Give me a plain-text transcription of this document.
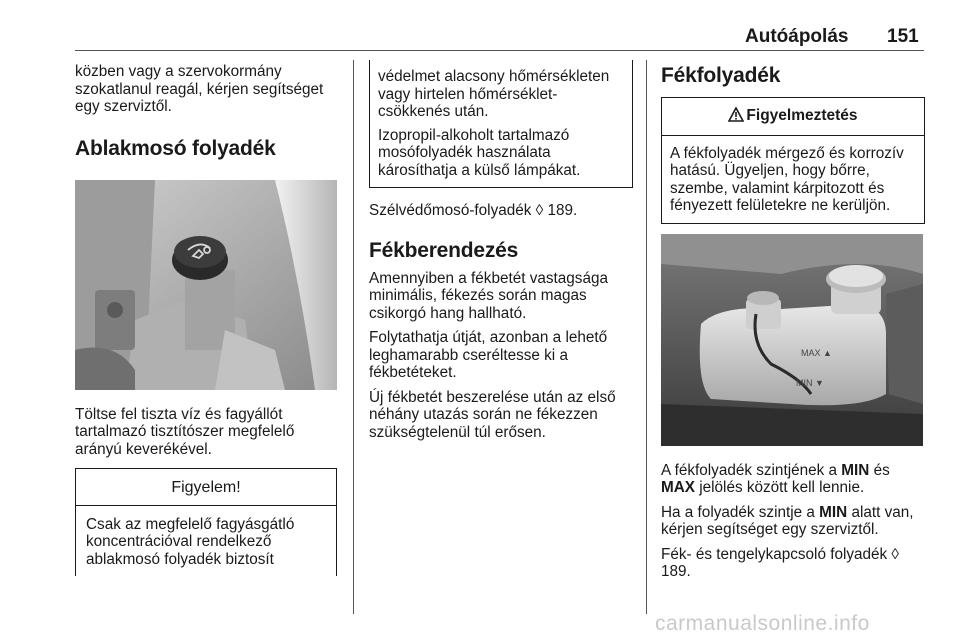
Autóápolás 151

közben vagy a szervokormány szokatlanul reagál, kérjen segítséget egy szerviztől.

Ablakmosó folyadék

Töltse fel tiszta víz és fagyállót tartalmazó tisztítószer megfelelő arányú keverékével.

Figyelem!
Csak az megfelelő fagyásgátló koncentrációval rendelkező ablakmosó folyadék biztosít

védelmet alacsony hőmérsékleten vagy hirtelen hőmérséklet-csökkenés után.

Izopropil-alkoholt tartalmazó mosófolyadék használata károsíthatja a külső lámpákat.

Szélvédőmosó-folyadék ◊ 189.

Fékberendezés

Amennyiben a fékbetét vastagsága minimális, fékezés során magas csikorgó hang hallható.

Folytathatja útját, azonban a lehető leghamarabb cseréltesse ki a fékbetéteket.

Új fékbetét beszerelése után az első néhány utazás során ne fékezzen szükségtelenül túl erősen.

Fékfolyadék
Figyelmeztetés

A fékfolyadék mérgező és korrozív hatású. Ügyeljen, hogy bőrre, szembe, valamint kárpitozott és fényezett felületekre ne kerüljön.

MAX ▲
MIN ▼

A fékfolyadék szintjének a MIN és MAX jelölés között kell lennie.

Ha a folyadék szintje a MIN alatt van, kérjen segítséget egy szerviztől.

Fék- és tengelykapcsoló folyadék ◊ 189.

carmanualsonline.info
